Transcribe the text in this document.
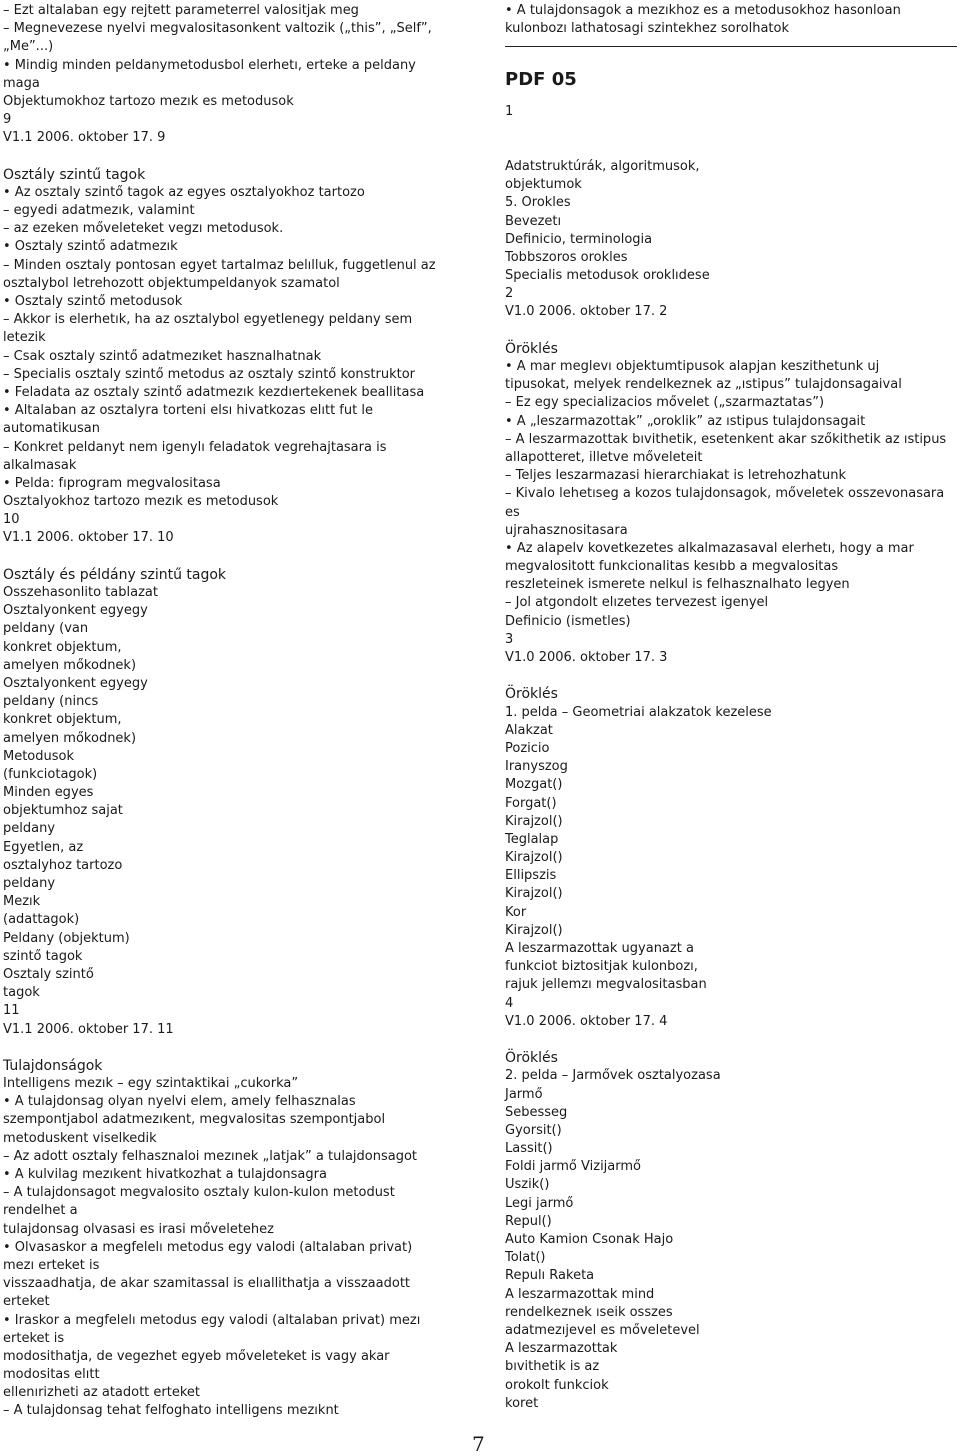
– Ezt altalaban egy rejtett parameterrel valositjak meg
– Megnevezese nyelvi megvalositasonkent valtozik („this”, „Self”,
„Me”...)
• Mindig minden peldanymetodusbol elerhetı, erteke a peldany
maga
Objektumokhoz tartozo mezık es metodusok
9
V1.1 2006. oktober 17. 9
Osztály szintű tagok
• Az osztaly szintő tagok az egyes osztalyokhoz tartozo
– egyedi adatmezık, valamint
– az ezeken mőveleteket vegzı metodusok.
• Osztaly szintő adatmezık
– Minden osztaly pontosan egyet tartalmaz belılluk, fuggetlenul az
osztalybol letrehozott objektumpeldanyok szamatol
• Osztaly szintő metodusok
– Akkor is elerhetık, ha az osztalybol egyetlenegy peldany sem
letezik
– Csak osztaly szintő adatmezıket hasznalhatnak
– Specialis osztaly szintő metodus az osztaly szintő konstruktor
• Feladata az osztaly szintő adatmezık kezdıertekenek beallitasa
• Altalaban az osztalyra torteni elsı hivatkozas elıtt fut le
automatikusan
– Konkret peldanyt nem igenylı feladatok vegrehajtasara is
alkalmasak
• Pelda: fıprogram megvalositasa
Osztalyokhoz tartozo mezık es metodusok
10
V1.1 2006. oktober 17. 10
Osztály és példány szintű tagok
Osszehasonlito tablazat
Osztalyonkent egyegy
peldany (van
konkret objektum,
amelyen mőkodnek)
Osztalyonkent egyegy
peldany (nincs
konkret objektum,
amelyen mőkodnek)
Metodusok
(funkciotagok)
Minden egyes
objektumhoz sajat
peldany
Egyetlen, az
osztalyhoz tartozo
peldany
Mezık
(adattagok)
Peldany (objektum)
szintő tagok
Osztaly szintő
tagok
11
V1.1 2006. oktober 17. 11
Tulajdonságok
Intelligens mezık – egy szintaktikai „cukorka”
• A tulajdonsag olyan nyelvi elem, amely felhasznalas
szempontjabol adatmezıkent, megvalositas szempontjabol
metoduskent viselkedik
– Az adott osztaly felhasznaloi mezınek „latjak” a tulajdonsagot
• A kulvilag mezıkent hivatkozhat a tulajdonsagra
– A tulajdonsagot megvalosito osztaly kulon-kulon metodust
rendelhet a
tulajdonsag olvasasi es irasi mőveletehez
• Olvasaskor a megfelelı metodus egy valodi (altalaban privat)
mezı erteket is
visszaadhatja, de akar szamitassal is elıallithatja a visszaadott
erteket
• Iraskor a megfelelı metodus egy valodi (altalaban privat) mezı
erteket is
modosithatja, de vegezhet egyeb mőveleteket is vagy akar
modositas elıtt
ellenırizheti az atadott erteket
– A tulajdonsag tehat felfoghato intelligens mezıknt
• A tulajdonsagok a mezıkhoz es a metodusokhoz hasonloan
kulonbozı lathatosagi szintekhez sorolhatok
PDF 05
1
Adatstruktúrák, algoritmusok,
objektumok
5. Orokles
Bevezetı
Definicio, terminologia
Tobbszoros orokles
Specialis metodusok oroklıdese
2
V1.0 2006. oktober 17. 2
Öröklés
• A mar meglevı objektumtipusok alapjan keszithetunk uj
tipusokat, melyek rendelkeznek az „ıstipus” tulajdonsagaival
– Ez egy specializacios mővelet („szarmaztatas”)
• A „leszarmazottak” „oroklik” az ıstipus tulajdonsagait
– A leszarmazottak bıvithetik, esetenkent akar szőkithetik az ıstipus
allapotteret, illetve mőveleteit
– Teljes leszarmazasi hierarchiakat is letrehozhatunk
– Kivalo lehetıseg a kozos tulajdonsagok, mőveletek osszevonasara
es
ujrahasznositasara
• Az alapelv kovetkezetes alkalmazasaval elerhetı, hogy a mar
megvalositott funkcionalitas kesıbb a megvalositas
reszleteinek ismerete nelkul is felhasznalhato legyen
– Jol atgondolt elızetes tervezest igenyel
Definicio (ismetles)
3
V1.0 2006. oktober 17. 3
Öröklés
1. pelda – Geometriai alakzatok kezelese
Alakzat
Pozicio
Iranyszog
Mozgat()
Forgat()
Kirajzol()
Teglalap
Kirajzol()
Ellipszis
Kirajzol()
Kor
Kirajzol()
A leszarmazottak ugyanazt a
funkciot biztositjak kulonbozı,
rajuk jellemzı megvalositasban
4
V1.0 2006. oktober 17. 4
Öröklés
2. pelda – Jarmővek osztalyozasa
Jarmő
Sebesseg
Gyorsit()
Lassit()
Foldi jarmő Vizijarmő
Uszik()
Legi jarmő
Repul()
Auto Kamion Csonak Hajo
Tolat()
Repulı Raketa
A leszarmazottak mind
rendelkeznek ıseik osszes
adatmezıjevel es mőveletevel
A leszarmazottak
bıvithetik is az
orokolt funkciok
koret
7
